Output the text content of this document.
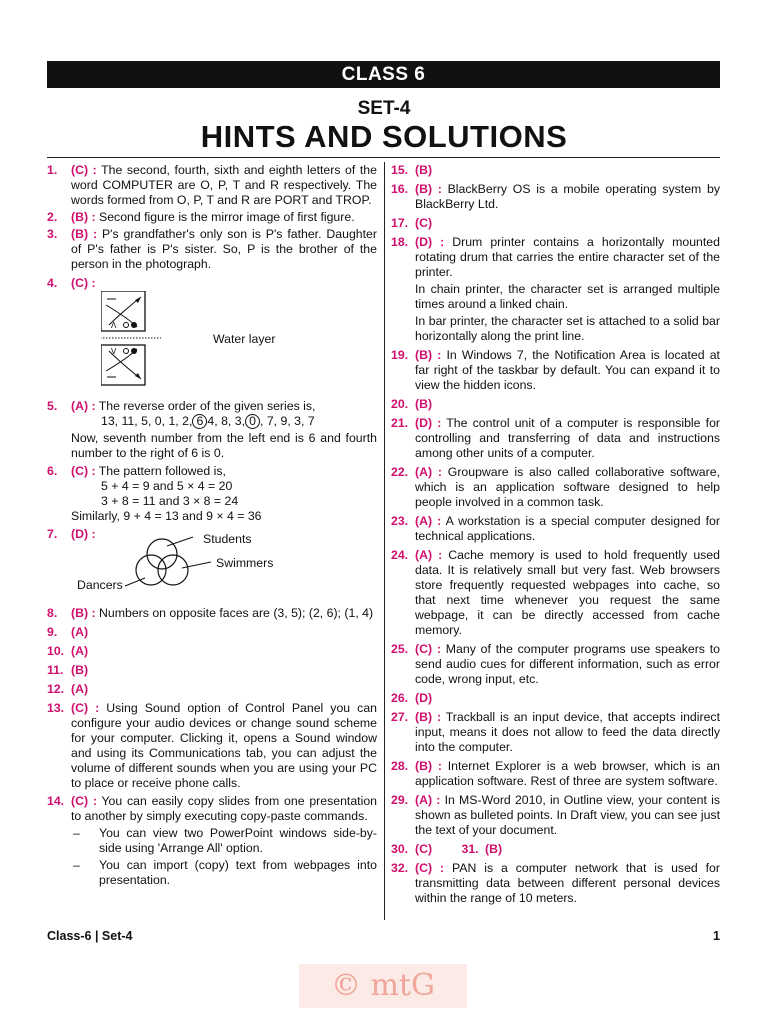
CLASS 6
SET-4
HINTS AND SOLUTIONS
1. (C) : The second, fourth, sixth and eighth letters of the word COMPUTER are O, P, T and R respectively. The words formed from O, P, T and R are PORT and TROP.
2. (B) : Second figure is the mirror image of first figure.
3. (B) : P's grandfather's only son is P's father. Daughter of P's father is P's sister. So, P is the brother of the person in the photograph.
4. (C) :
Λ
V
Water layer
5. (A) : The reverse order of the given series is,
13, 11, 5, 0, 1, 2, 6 4, 8, 3, 0 , 7, 9, 3, 7
Now, seventh number from the left end is 6 and fourth number to the right of 6 is 0.
6. (C) : The pattern followed is,
5 + 4 = 9 and 5 × 4 = 20
3 + 8 = 11 and 3 × 8 = 24
Similarly, 9 + 4 = 13 and 9 × 4 = 36
7. (D) :	Students
Swimmers
Dancers
8. (B) : Numbers on opposite faces are (3, 5); (2, 6); (1, 4)
9. (A)
10. (A)
11. (B)
12. (A)
13. (C) : Using Sound option of Control Panel you can configure your audio devices or change sound scheme for your computer. Clicking it, opens a Sound window and using its Communications tab, you can adjust the volume of different sounds when you are using your PC to place or receive phone calls.
14. (C) : You can easily copy slides from one presentation to another by simply executing copy-paste commands.
– You can view two PowerPoint windows side-by-side using 'Arrange All' option.
– You can import (copy) text from webpages into presentation.
15. (B)
16. (B) : BlackBerry OS is a mobile operating system by BlackBerry Ltd.
17. (C)
18. (D) : Drum printer contains a horizontally mounted rotating drum that carries the entire character set of the printer.
In chain printer, the character set is arranged multiple times around a linked chain.
In bar printer, the character set is attached to a solid bar horizontally along the print line.
19. (B) : In Windows 7, the Notification Area is located at far right of the taskbar by default. You can expand it to view the hidden icons.
20. (B)
21. (D) : The control unit of a computer is responsible for controlling and transferring of data and instructions among other units of a computer.
22. (A) : Groupware is also called collaborative software, which is an application software designed to help people involved in a common task.
23. (A) : A workstation is a special computer designed for technical applications.
24. (A) : Cache memory is used to hold frequently used data. It is relatively small but very fast. Web browsers store frequently requested webpages into cache, so that next time whenever you request the same webpage, it can be directly accessed from cache memory.
25. (C) : Many of the computer programs use speakers to send audio cues for different information, such as error code, wrong input, etc.
26. (D)
27. (B) : Trackball is an input device, that accepts indirect input, means it does not allow to feed the data directly into the computer.
28. (B) : Internet Explorer is a web browser, which is an application software. Rest of three are system software.
29. (A) : In MS-Word 2010, in Outline view, your content is shown as bulleted points. In Draft view, you can see just the text of your document.
30. (C) 31. (B)
32. (C) : PAN is a computer network that is used for transmitting data between different personal devices within the range of 10 meters.
Class-6 | Set-4	1
© mtG
